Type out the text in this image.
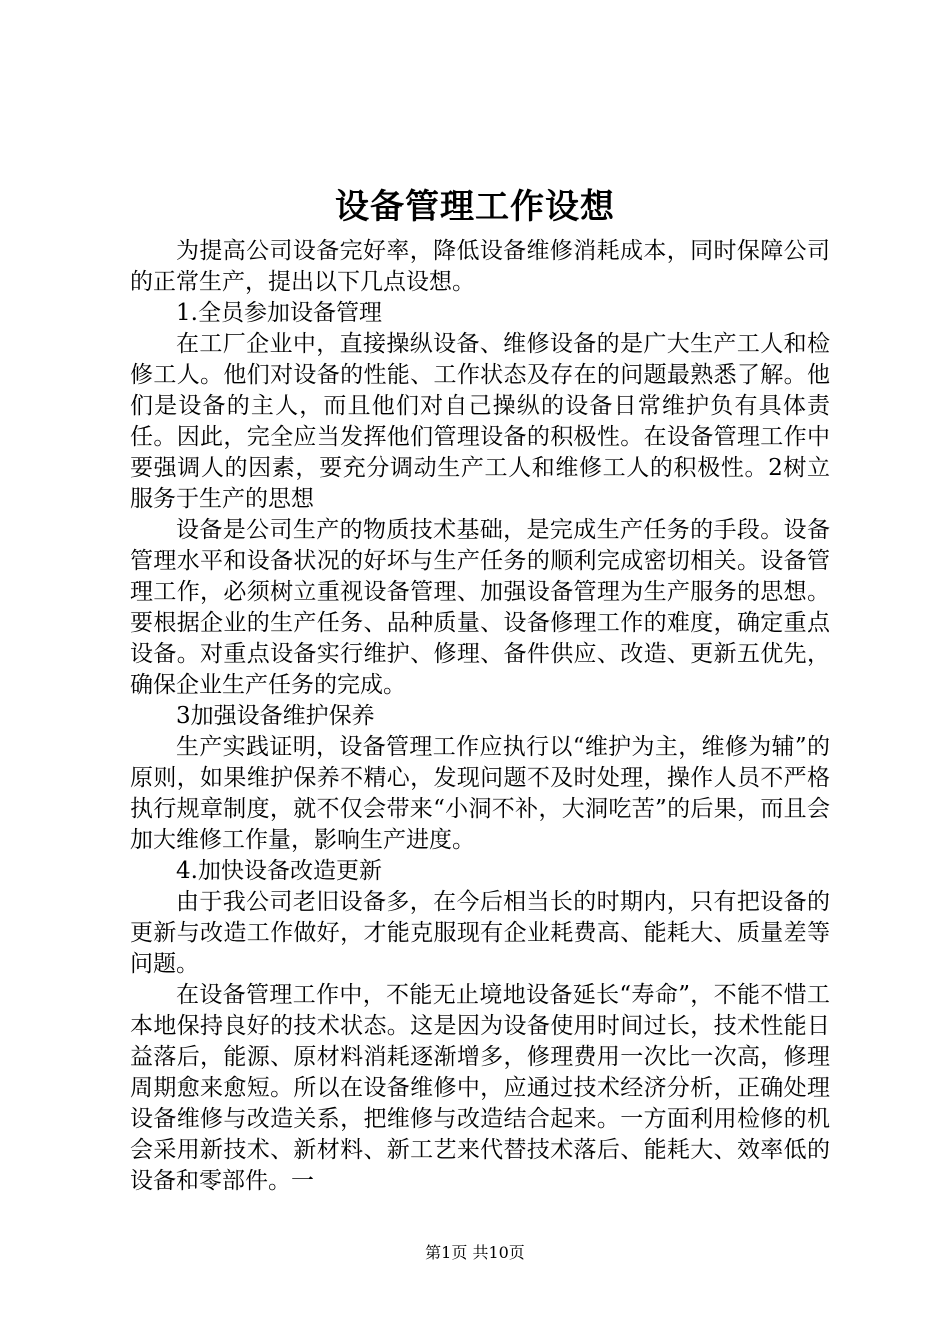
设备管理工作设想

为提高公司设备完好率，降低设备维修消耗成本，同时保障公司的正常生产，提出以下几点设想。

1.全员参加设备管理

在工厂企业中，直接操纵设备、维修设备的是广大生产工人和检修工人。他们对设备的性能、工作状态及存在的问题最熟悉了解。他们是设备的主人，而且他们对自己操纵的设备日常维护负有具体责任。因此，完全应当发挥他们管理设备的积极性。在设备管理工作中要强调人的因素，要充分调动生产工人和维修工人的积极性。2树立服务于生产的思想

设备是公司生产的物质技术基础，是完成生产任务的手段。设备管理水平和设备状况的好坏与生产任务的顺利完成密切相关。设备管理工作，必须树立重视设备管理、加强设备管理为生产服务的思想。要根据企业的生产任务、品种质量、设备修理工作的难度，确定重点设备。对重点设备实行维护、修理、备件供应、改造、更新五优先，确保企业生产任务的完成。

3加强设备维护保养

生产实践证明，设备管理工作应执行以“维护为主，维修为辅”的原则，如果维护保养不精心，发现问题不及时处理，操作人员不严格执行规章制度，就不仅会带来“小洞不补，大洞吃苦”的后果，而且会加大维修工作量，影响生产进度。

4.加快设备改造更新

由于我公司老旧设备多，在今后相当长的时期内，只有把设备的更新与改造工作做好，才能克服现有企业耗费高、能耗大、质量差等问题。

在设备管理工作中，不能无止境地设备延长“寿命”，不能不惜工本地保持良好的技术状态。这是因为设备使用时间过长，技术性能日益落后，能源、原材料消耗逐渐增多，修理费用一次比一次高，修理周期愈来愈短。所以在设备维修中，应通过技术经济分析，正确处理设备维修与改造关系，把维修与改造结合起来。一方面利用检修的机会采用新技术、新材料、新工艺来代替技术落后、能耗大、效率低的设备和零部件。一

第1页 共10页
